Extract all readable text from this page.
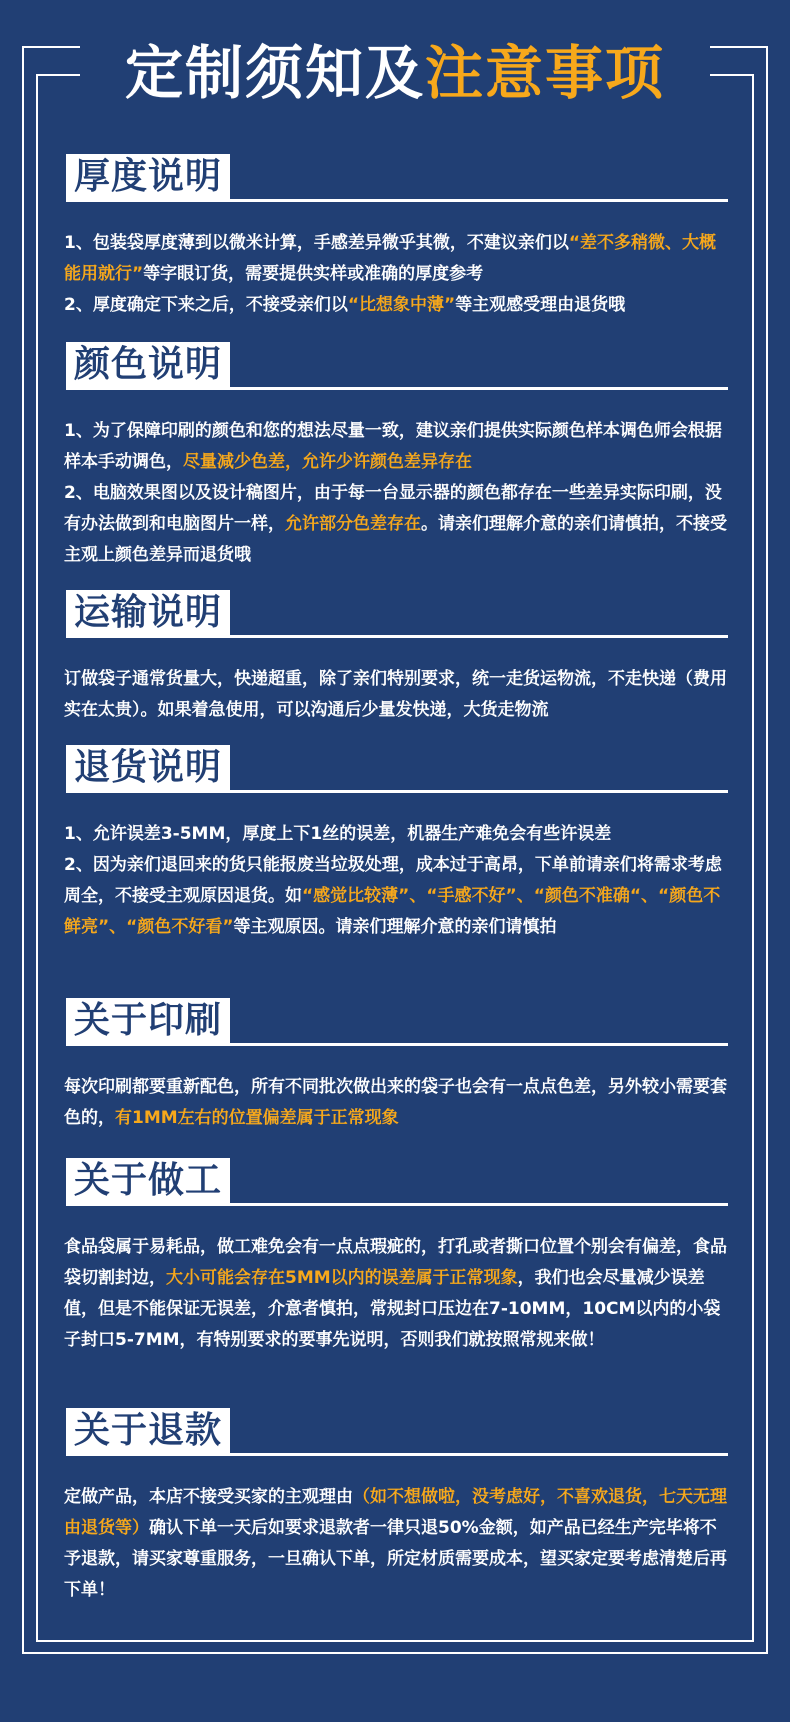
定制须知及注意事项
厚度说明

1、包装袋厚度薄到以微米计算，手感差异微乎其微，不建议亲们以“差不多稍微、大概能用就行”等字眼订货，需要提供实样或准确的厚度参考

2、厚度确定下来之后，不接受亲们以“比想象中薄”等主观感受理由退货哦

颜色说明

1、为了保障印刷的颜色和您的想法尽量一致，建议亲们提供实际颜色样本调色师会根据样本手动调色，尽量减少色差，允许少许颜色差异存在

2、电脑效果图以及设计稿图片，由于每一台显示器的颜色都存在一些差异实际印刷，没有办法做到和电脑图片一样，允许部分色差存在。请亲们理解介意的亲们请慎拍，不接受主观上颜色差异而退货哦

运输说明

订做袋子通常货量大，快递超重，除了亲们特别要求，统一走货运物流，不走快递（费用实在太贵）。如果着急使用，可以沟通后少量发快递，大货走物流

退货说明

1、允许误差3-5MM，厚度上下1丝的误差，机器生产难免会有些许误差

2、因为亲们退回来的货只能报废当垃圾处理，成本过于高昂，下单前请亲们将需求考虑周全，不接受主观原因退货。如“感觉比较薄”、“手感不好”、“颜色不准确“、“颜色不鲜亮”、“颜色不好看”等主观原因。请亲们理解介意的亲们请慎拍

关于印刷

每次印刷都要重新配色，所有不同批次做出来的袋子也会有一点点色差，另外较小需要套色的，有1MM左右的位置偏差属于正常现象

关于做工

食品袋属于易耗品，做工难免会有一点点瑕疵的，打孔或者撕口位置个别会有偏差，食品袋切割封边，大小可能会存在5MM以内的误差属于正常现象，我们也会尽量减少误差值，但是不能保证无误差，介意者慎拍，常规封口压边在7-10MM，10CM以内的小袋子封口5-7MM，有特别要求的要事先说明，否则我们就按照常规来做！

关于退款

定做产品，本店不接受买家的主观理由（如不想做啦，没考虑好，不喜欢退货，七天无理由退货等）确认下单一天后如要求退款者一律只退50%金额，如产品已经生产完毕将不予退款，请买家尊重服务，一旦确认下单，所定材质需要成本，望买家定要考虑清楚后再下单！
